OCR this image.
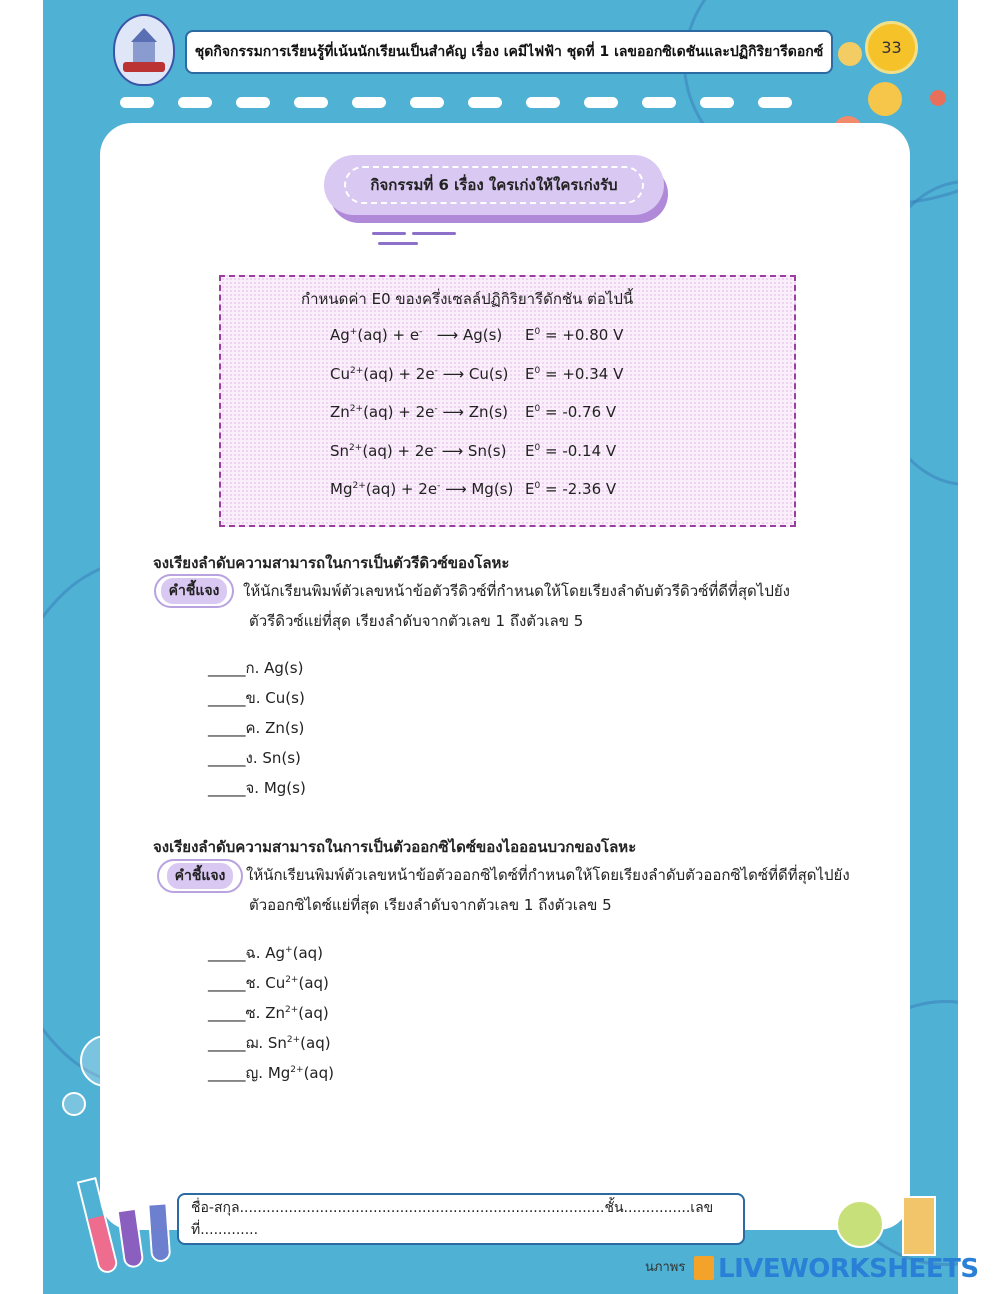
ชุดกิจกรรมการเรียนรู้ที่เน้นนักเรียนเป็นสำคัญ เรื่อง เคมีไฟฟ้า ชุดที่ 1 เลขออกซิเดชันและปฏิกิริยารีดอกซ์	33
กิจกรรมที่ 6 เรื่อง ใครเก่งให้ใครเก่งรับ
กำหนดค่า E0 ของครึ่งเซลล์ปฏิกิริยารีดักชัน ต่อไปนี้
Ag+(aq) + e-   ⟶ Ag(s) $E^0 = +0.80$ V
$Cu^{2+}(aq) + 2e^-$ ⟶ Cu(s) $E^0 = +0.34$ V
$Zn^{2+}(aq) + 2e^-$ ⟶ Zn(s) $E^0 = -0.76$ V
$Sn^{2+}(aq) + 2e^-$ ⟶ Sn(s) $E^0 = -0.14$ V
$Mg^{2+}(aq) + 2e^-$ ⟶ Mg(s) $E^0 = -2.36$ V
จงเรียงลำดับความสามารถในการเป็นตัวรีดิวซ์ของโลหะ
คำชี้แจง	ให้นักเรียนพิมพ์ตัวเลขหน้าข้อตัวรีดิวซ์ที่กำหนดให้โดยเรียงลำดับตัวรีดิวซ์ที่ดีที่สุดไปยัง
ตัวรีดิวซ์แย่ที่สุด เรียงลำดับจากตัวเลข 1 ถึงตัวเลข 5
_____ก. Ag(s)
_____ข. Cu(s)
_____ค. Zn(s)
_____ง. Sn(s)
_____จ. Mg(s)
จงเรียงลำดับความสามารถในการเป็นตัวออกซิไดซ์ของไอออนบวกของโลหะ
คำชี้แจง	ให้นักเรียนพิมพ์ตัวเลขหน้าข้อตัวออกซิไดซ์ที่กำหนดให้โดยเรียงลำดับตัวออกซิไดซ์ที่ดีที่สุดไปยัง
ตัวออกซิไดซ์แย่ที่สุด เรียงลำดับจากตัวเลข 1 ถึงตัวเลข 5
_____ฉ. Ag+(aq)
_____ช. $Cu^{2+}(aq)$
_____ซ. $Zn^{2+}(aq)$
_____ฌ. $Sn^{2+}(aq)$
_____ญ. $Mg^{2+}(aq)$
ชื่อ-สกุล..................................................................................ชั้น...............เลขที่.............
นภาพร LIVEWORKSHEETS
